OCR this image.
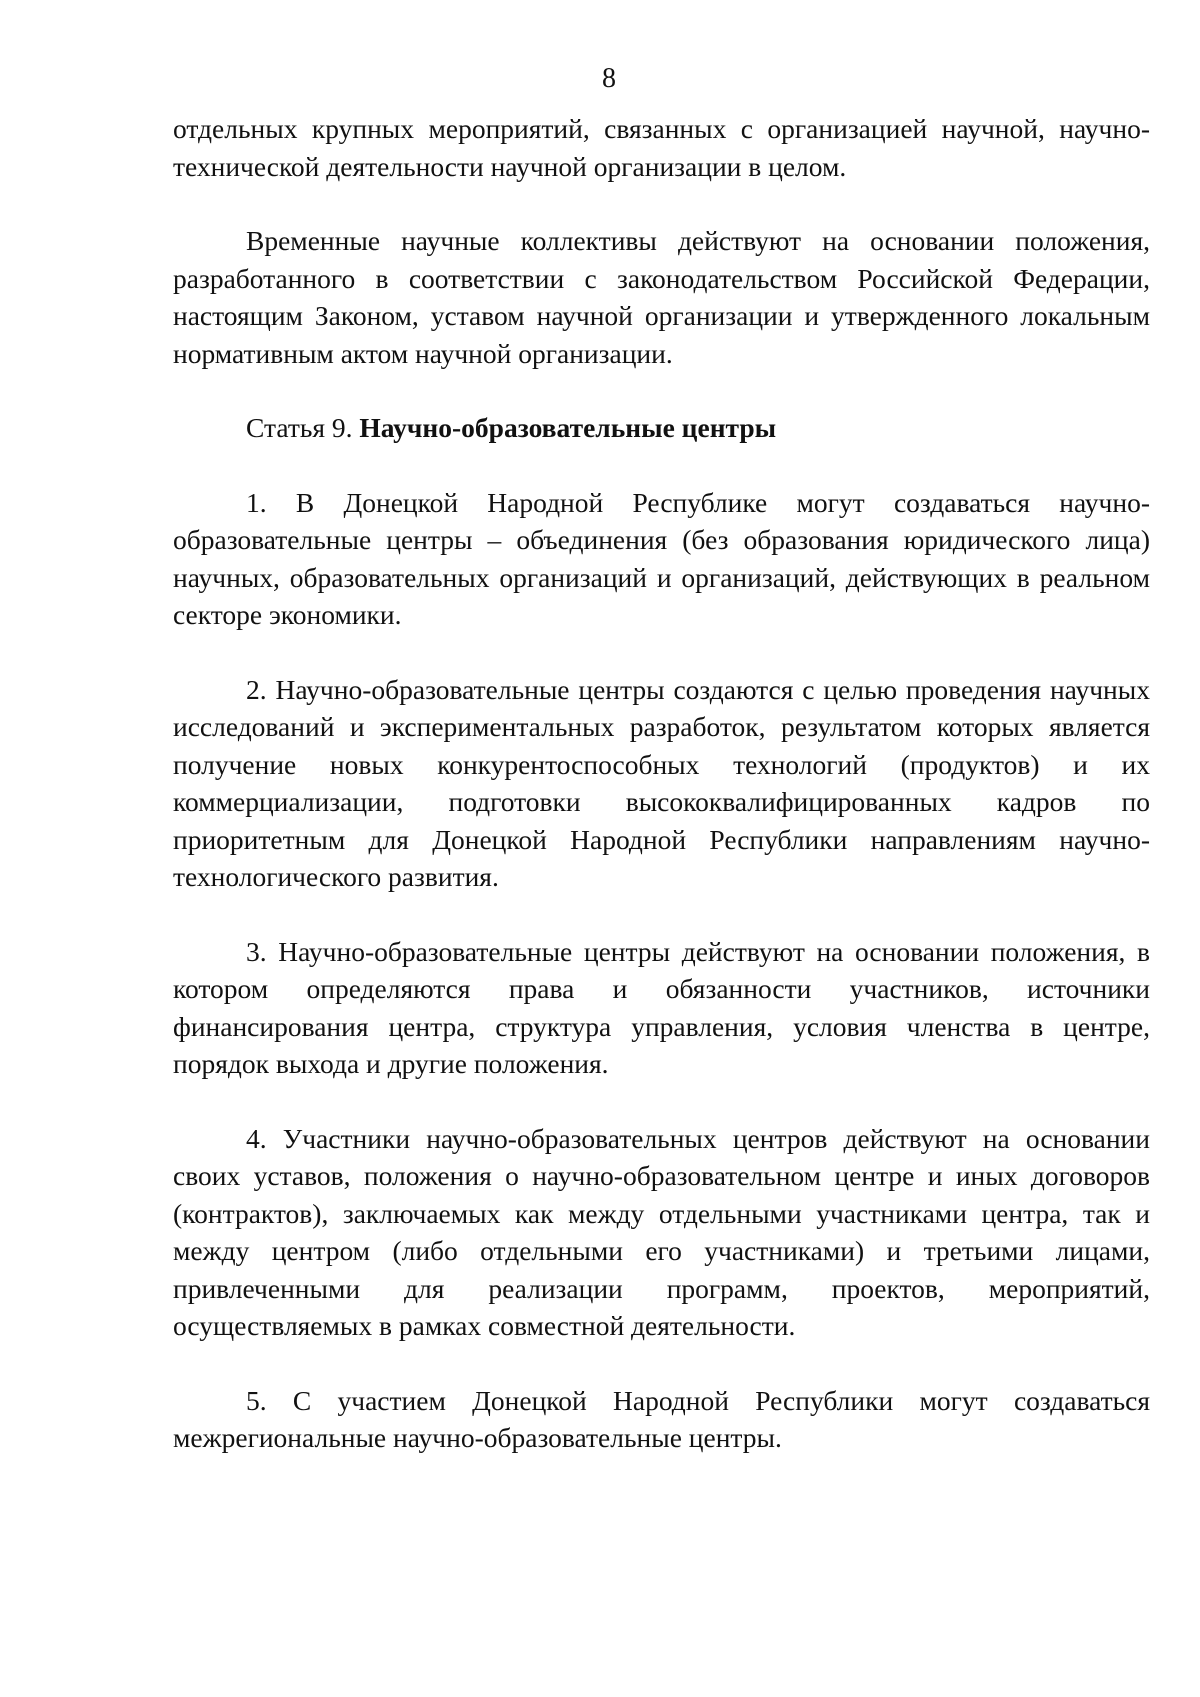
8

отдельных крупных мероприятий, связанных с организацией научной, научно-технической деятельности научной организации в целом.

Временные научные коллективы действуют на основании положения, разработанного в соответствии с законодательством Российской Федерации, настоящим Законом, уставом научной организации и утвержденного локальным нормативным актом научной организации.

Статья 9. Научно-образовательные центры

1. В Донецкой Народной Республике могут создаваться научно-образовательные центры – объединения (без образования юридического лица) научных, образовательных организаций и организаций, действующих в реальном секторе экономики.

2. Научно-образовательные центры создаются с целью проведения научных исследований и экспериментальных разработок, результатом которых является получение новых конкурентоспособных технологий (продуктов) и их коммерциализации, подготовки высококвалифицированных кадров по приоритетным для Донецкой Народной Республики направлениям научно-технологического развития.

3. Научно-образовательные центры действуют на основании положения, в котором определяются права и обязанности участников, источники финансирования центра, структура управления, условия членства в центре, порядок выхода и другие положения.

4. Участники научно-образовательных центров действуют на основании своих уставов, положения о научно-образовательном центре и иных договоров (контрактов), заключаемых как между отдельными участниками центра, так и между центром (либо отдельными его участниками) и третьими лицами, привлеченными для реализации программ, проектов, мероприятий, осуществляемых в рамках совместной деятельности.

5. С участием Донецкой Народной Республики могут создаваться межрегиональные научно-образовательные центры.
